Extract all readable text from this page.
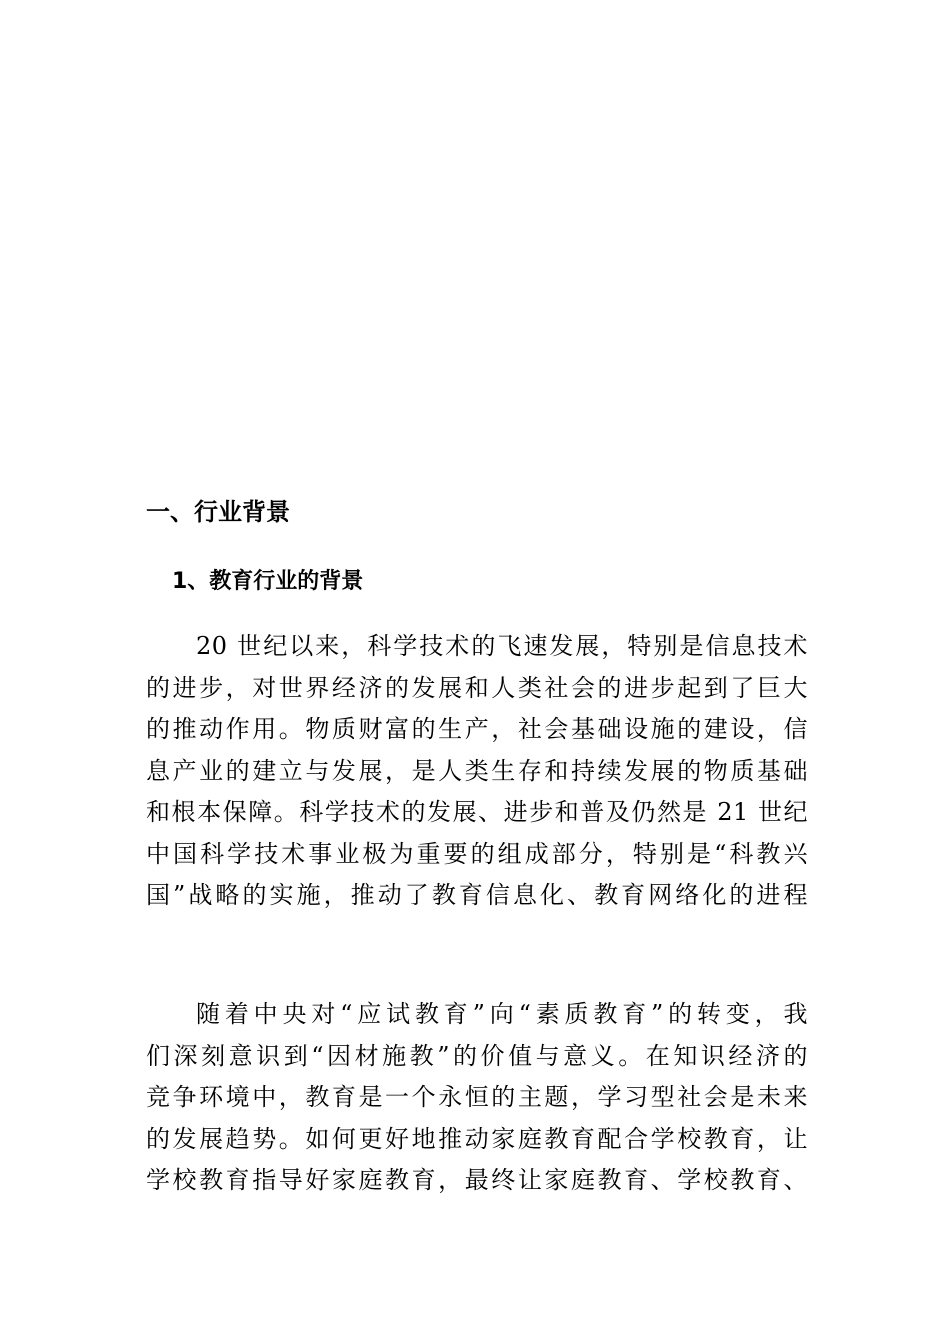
一、行业背景
1、教育行业的背景

20 世纪以来，科学技术的飞速发展，特别是信息技术
的进步，对世界经济的发展和人类社会的进步起到了巨大
的推动作用。物质财富的生产，社会基础设施的建设，信
息产业的建立与发展，是人类生存和持续发展的物质基础
和根本保障。科学技术的发展、进步和普及仍然是 21 世纪
中国科学技术事业极为重要的组成部分，特别是“科教兴
国”战略的实施，推动了教育信息化、教育网络化的进程

随着中央对“应试教育”向“素质教育”的转变，我
们深刻意识到“因材施教”的价值与意义。在知识经济的
竞争环境中，教育是一个永恒的主题，学习型社会是未来
的发展趋势。如何更好地推动家庭教育配合学校教育，让
学校教育指导好家庭教育，最终让家庭教育、学校教育、
